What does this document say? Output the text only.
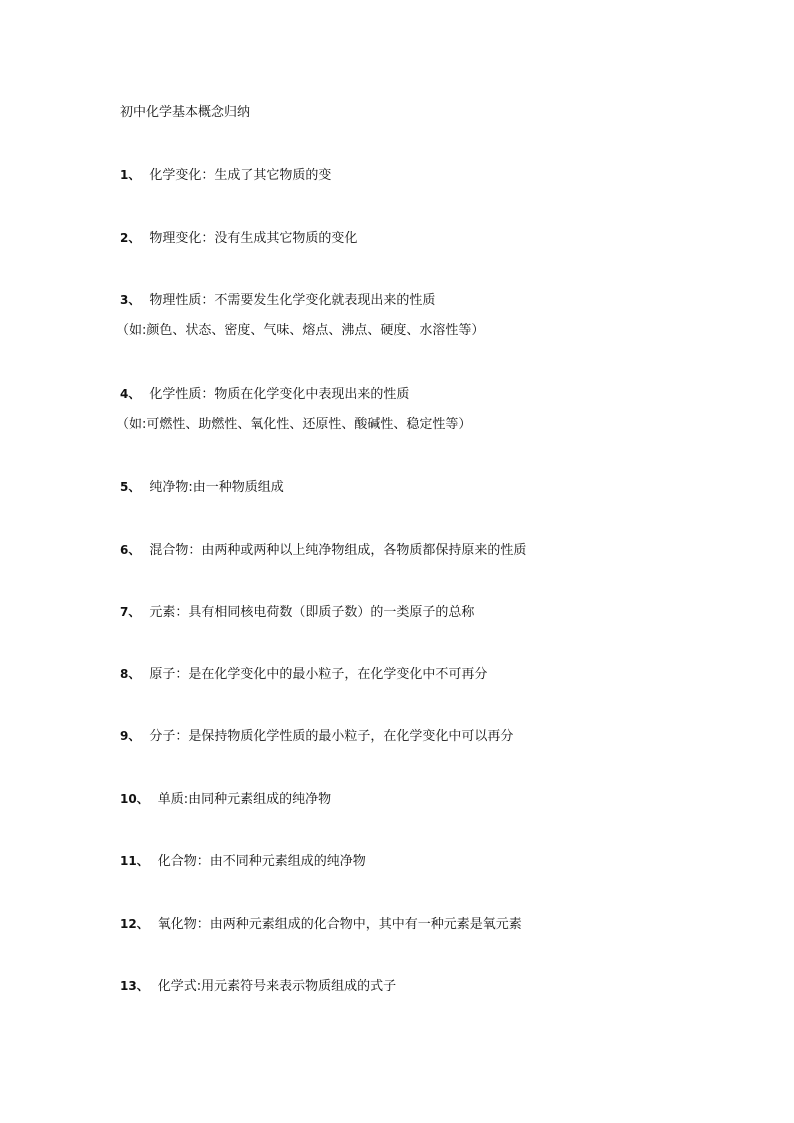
初中化学基本概念归纳
1、 化学变化：生成了其它物质的变
2、 物理变化：没有生成其它物质的变化
3、 物理性质：不需要发生化学变化就表现出来的性质
（如:颜色、状态、密度、气味、熔点、沸点、硬度、水溶性等）
4、 化学性质：物质在化学变化中表现出来的性质
（如:可燃性、助燃性、氧化性、还原性、酸碱性、稳定性等）
5、 纯净物:由一种物质组成
6、 混合物：由两种或两种以上纯净物组成，各物质都保持原来的性质
7、 元素：具有相同核电荷数（即质子数）的一类原子的总称
8、 原子：是在化学变化中的最小粒子，在化学变化中不可再分
9、 分子：是保持物质化学性质的最小粒子，在化学变化中可以再分
10、 单质:由同种元素组成的纯净物
11、 化合物：由不同种元素组成的纯净物
12、 氧化物：由两种元素组成的化合物中，其中有一种元素是氧元素
13、 化学式:用元素符号来表示物质组成的式子
